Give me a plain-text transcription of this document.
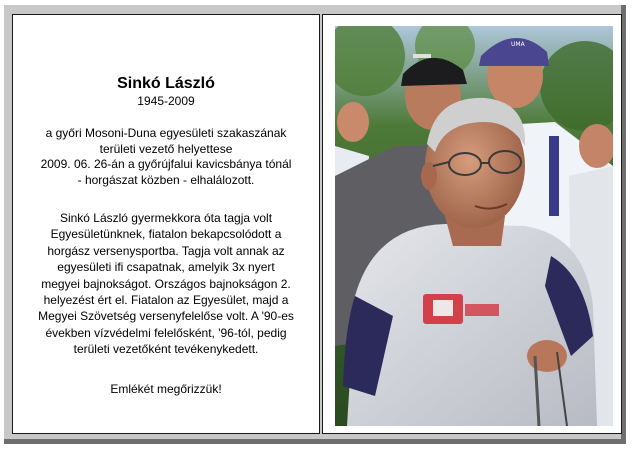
Sinkó László
1945-2009
a győri Mosoni-Duna egyesületi szakaszának
területi vezető helyettese
2009. 06. 26-án a győrújfalui kavicsbánya tónál
- horgászat közben - elhalálozott.
Sinkó László gyermekkora óta tagja volt
Egyesületünknek, fiatalon bekapcsolódott a
horgász versenysportba. Tagja volt annak az
egyesületi ifi csapatnak, amelyik 3x nyert
megyei bajnokságot. Országos bajnokságon 2.
helyezést ért el. Fiatalon az Egyesület, majd a
Megyei Szövetség versenyfelelőse volt. A '90-es
években vízvédelmi felelősként, '96-tól, pedig
területi vezetőként tevékenykedett.
Emlékét megőrizzük!
UMA
